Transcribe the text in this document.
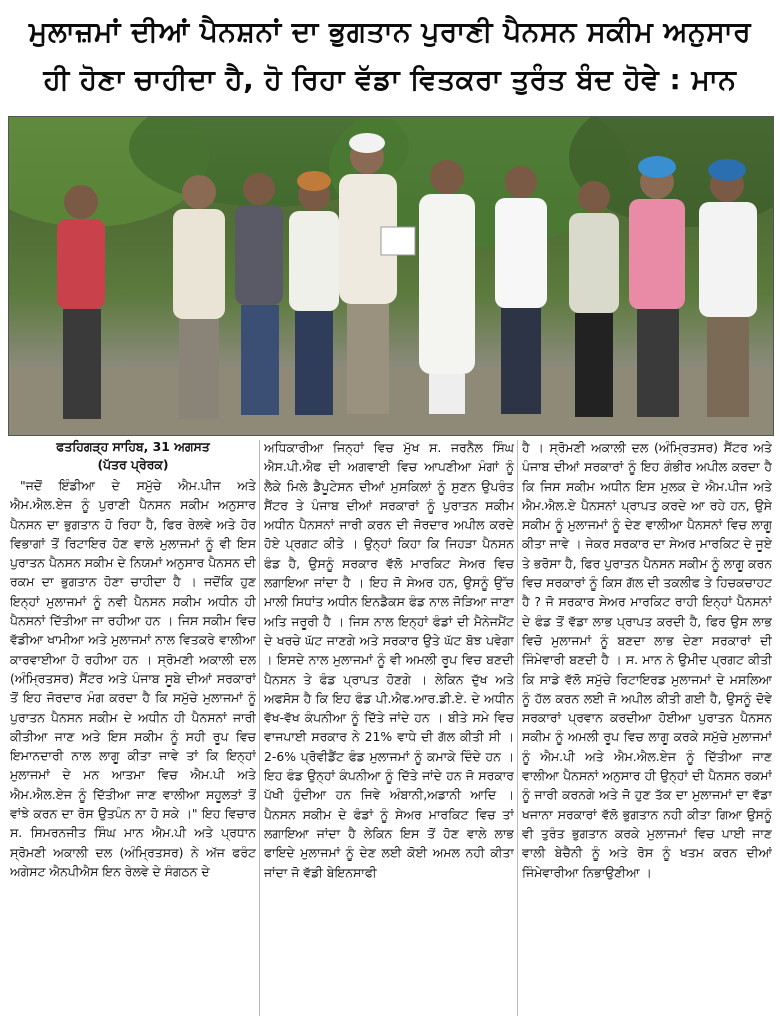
ਮੁਲਾਜ਼ਮਾਂ ਦੀਆਂ ਪੈਨਸ਼ਨਾਂ ਦਾ ਭੁਗਤਾਨ ਪੁਰਾਣੀ ਪੈਨਸਨ ਸਕੀਮ ਅਨੁਸਾਰ
ਹੀ ਹੋਣਾ ਚਾਹੀਦਾ ਹੈ, ਹੋ ਰਿਹਾ ਵੱਡਾ ਵਿਤਕਰਾ ਤੁਰੰਤ ਬੰਦ ਹੋਵੇ : ਮਾਨ
ਫਤਹਿਗੜ੍ਹ ਸਾਹਿਬ, 31 ਅਗਸਤ
(ਪੱਤਰ ਪ੍ਰੇਰਕ)
"ਜਦੋਂ ਇੰਡੀਆ ਦੇ ਸਮੁੱਚੇ ਐਮ.ਪੀਜ ਅਤੇ ਐਮ.ਐਲ.ਏਜ ਨੂੰ ਪੁਰਾਣੀ ਪੈਨਸਨ ਸਕੀਮ ਅਨੁਸਾਰ ਪੈਨਸਨ ਦਾ ਭੁਗਤਾਨ ਹੋ ਰਿਹਾ ਹੈ, ਫਿਰ ਰੇਲਵੇ ਅਤੇ ਹੋਰ ਵਿਭਾਗਾਂ ਤੋਂ ਰਿਟਾਇਰ ਹੋਣ ਵਾਲੇ ਮੁਲਾਜਮਾਂ ਨੂੰ ਵੀ ਇਸ ਪੁਰਾਤਨ ਪੈਨਸਨ ਸਕੀਮ ਦੇ ਨਿਯਮਾਂ ਅਨੁਸਾਰ ਪੈਨਸਨ ਦੀ ਰਕਮ ਦਾ ਭੁਗਤਾਨ ਹੋਣਾ ਚਾਹੀਦਾ ਹੈ । ਜਦੋਂਕਿ ਹੁਣ ਇਨ੍ਹਾਂ ਮੁਲਾਜਮਾਂ ਨੂੰ ਨਵੀ ਪੈਨਸਨ ਸਕੀਮ ਅਧੀਨ ਹੀ ਪੈਨਸਨਾਂ ਦਿੱਤੀਆ ਜਾ ਰਹੀਆ ਹਨ । ਜਿਸ ਸਕੀਮ ਵਿਚ ਵੱਡੀਆ ਖਾਮੀਆ ਅਤੇ ਮੁਲਾਜਮਾਂ ਨਾਲ ਵਿਤਕਰੇ ਵਾਲੀਆ ਕਾਰਵਾਈਆ ਹੋ ਰਹੀਆ ਹਨ । ਸ੍ਰੋਮਣੀ ਅਕਾਲੀ ਦਲ (ਅੰਮ੍ਰਿਤਸਰ) ਸੈਂਟਰ ਅਤੇ ਪੰਜਾਬ ਸੂਬੇ ਦੀਆਂ ਸਰਕਾਰਾਂ ਤੋਂ ਇਹ ਜੋਰਦਾਰ ਮੰਗ ਕਰਦਾ ਹੈ ਕਿ ਸਮੁੱਚੇ ਮੁਲਾਜਮਾਂ ਨੂੰ ਪੁਰਾਤਨ ਪੈਨਸਨ ਸਕੀਮ ਦੇ ਅਧੀਨ ਹੀ ਪੈਨਸਨਾਂ ਜਾਰੀ ਕੀਤੀਆ ਜਾਣ ਅਤੇ ਇਸ ਸਕੀਮ ਨੂੰ ਸਹੀ ਰੂਪ ਵਿਚ ਇਮਾਨਦਾਰੀ ਨਾਲ ਲਾਗੂ ਕੀਤਾ ਜਾਵੇ ਤਾਂ ਕਿ ਇਨ੍ਹਾਂ ਮੁਲਾਜਮਾਂ ਦੇ ਮਨ ਆਤਮਾ ਵਿਚ ਐਮ.ਪੀ ਅਤੇ ਐਮ.ਐਲ.ਏਜ ਨੂੰ ਦਿੱਤੀਆ ਜਾਣ ਵਾਲੀਆ ਸਹੂਲਤਾਂ ਤੋਂ ਵਾਂਝੇ ਕਰਨ ਦਾ ਰੋਸ ਉਤਪੰਨ ਨਾ ਹੋ ਸਕੇ ।" ਇਹ ਵਿਚਾਰ ਸ. ਸਿਮਰਨਜੀਤ ਸਿੰਘ ਮਾਨ ਐਮ.ਪੀ ਅਤੇ ਪ੍ਰਧਾਨ ਸ੍ਰੋਮਣੀ ਅਕਾਲੀ ਦਲ (ਅੰਮ੍ਰਿਤਸਰ) ਨੇ ਅੱਜ ਫਰੰਟ ਅਗੇਸਟ ਐਨਪੀਐਸ ਇਨ ਰੇਲਵੇ ਦੇ ਸੰਗਠਨ ਦੇ
ਅਧਿਕਾਰੀਆ ਜਿਨ੍ਹਾਂ ਵਿਚ ਮੁੱਖ ਸ. ਜਰਨੈਲ ਸਿੰਘ ਐਸ.ਪੀ.ਐਫ ਦੀ ਅਗਵਾਈ ਵਿਚ ਆਪਣੀਆ ਮੰਗਾਂ ਨੂੰ ਲੈਕੇ ਮਿਲੇ ਡੈਪੂਟੇਸਨ ਦੀਆਂ ਮੁਸਕਿਲਾਂ ਨੂੰ ਸੁਣਨ ਉਪਰੰਤ ਸੈਂਟਰ ਤੇ ਪੰਜਾਬ ਦੀਆਂ ਸਰਕਾਰਾਂ ਨੂੰ ਪੁਰਾਤਨ ਸਕੀਮ ਅਧੀਨ ਪੈਨਸਨਾਂ ਜਾਰੀ ਕਰਨ ਦੀ ਜੋਰਦਾਰ ਅਪੀਲ ਕਰਦੇ ਹੋਏ ਪ੍ਰਗਟ ਕੀਤੇ । ਉਨ੍ਹਾਂ ਕਿਹਾ ਕਿ ਜਿਹੜਾ ਪੈਨਸਨ ਫੰਡ ਹੈ, ਉਸਨੂੰ ਸਰਕਾਰ ਵੱਲੋ ਮਾਰਕਿਟ ਸੇਅਰ ਵਿਚ ਲਗਾਇਆ ਜਾਂਦਾ ਹੈ । ਇਹ ਜੋ ਸੇਅਰ ਹਨ, ਉਸਨੂੰ ਉੱਚ ਮਾਲੀ ਸਿਧਾਂਤ ਅਧੀਨ ਇਨਡੈਕਸ ਫੰਡ ਨਾਲ ਜੋੜਿਆ ਜਾਣਾ ਅਤਿ ਜਰੂਰੀ ਹੈ । ਜਿਸ ਨਾਲ ਇਨ੍ਹਾਂ ਫੰਡਾਂ ਦੀ ਮੈਨੇਜਮੈਂਟ ਦੇ ਖਰਚੇ ਘੱਟ ਜਾਣਗੇ ਅਤੇ ਸਰਕਾਰ ਉਤੇ ਘੱਟ ਬੋਝ ਪਵੇਗਾ । ਇਸਦੇ ਨਾਲ ਮੁਲਾਜਮਾਂ ਨੂੰ ਵੀ ਅਮਲੀ ਰੂਪ ਵਿਚ ਬਣਦੀ ਪੈਨਸਨ ਤੇ ਫੰਡ ਪ੍ਰਾਪਤ ਹੋਣਗੇ । ਲੇਕਿਨ ਦੁੱਖ ਅਤੇ ਅਫਸੋਸ ਹੈ ਕਿ ਇਹ ਫੰਡ ਪੀ.ਐਫ.ਆਰ.ਡੀ.ਏ. ਦੇ ਅਧੀਨ ਵੱਖ-ਵੱਖ ਕੰਪਨੀਆ ਨੂੰ ਦਿੱਤੇ ਜਾਂਦੇ ਹਨ । ਬੀਤੇ ਸਮੇ ਵਿਚ ਵਾਜਪਾਈ ਸਰਕਾਰ ਨੇ 21% ਵਾਧੇ ਦੀ ਗੱਲ ਕੀਤੀ ਸੀ । 2-6% ਪ੍ਰੋਵੀਡੈਂਟ ਫੰਡ ਮੁਲਾਜਮਾਂ ਨੂੰ ਕਮਾਕੇ ਦਿੰਦੇ ਹਨ । ਇਹ ਫੰਡ ਉਨ੍ਹਾਂ ਕੰਪਨੀਆ ਨੂੰ ਦਿੱਤੇ ਜਾਂਦੇ ਹਨ ਜੋ ਸਰਕਾਰ ਪੱਖੀ ਹੁੰਦੀਆ ਹਨ ਜਿਵੇ ਅੰਬਾਨੀ,ਅਡਾਨੀ ਆਦਿ । ਪੈਨਸਨ ਸਕੀਮ ਦੇ ਫੰਡਾਂ ਨੂੰ ਸੇਅਰ ਮਾਰਕਿਟ ਵਿਚ ਤਾਂ ਲਗਾਇਆ ਜਾਂਦਾ ਹੈ ਲੇਕਿਨ ਇਸ ਤੋਂ ਹੋਣ ਵਾਲੇ ਲਾਭ ਫਾਇਦੇ ਮੁਲਾਜਮਾਂ ਨੂੰ ਦੇਣ ਲਈ ਕੋਈ ਅਮਲ ਨਹੀ ਕੀਤਾ ਜਾਂਦਾ ਜੋ ਵੱਡੀ ਬੇਇਨਸਾਫੀ
ਹੈ । ਸ੍ਰੋਮਣੀ ਅਕਾਲੀ ਦਲ (ਅੰਮ੍ਰਿਤਸਰ) ਸੈਂਟਰ ਅਤੇ ਪੰਜਾਬ ਦੀਆਂ ਸਰਕਾਰਾਂ ਨੂੰ ਇਹ ਗੰਭੀਰ ਅਪੀਲ ਕਰਦਾ ਹੈ ਕਿ ਜਿਸ ਸਕੀਮ ਅਧੀਨ ਇਸ ਮੁਲਕ ਦੇ ਐਮ.ਪੀਜ ਅਤੇ ਐਮ.ਐਲ.ਏ ਪੈਨਸਨਾਂ ਪ੍ਰਾਪਤ ਕਰਦੇ ਆ ਰਹੇ ਹਨ, ਉਸੇ ਸਕੀਮ ਨੂੰ ਮੁਲਾਜਮਾਂ ਨੂੰ ਦੇਣ ਵਾਲੀਆ ਪੈਨਸਨਾਂ ਵਿਚ ਲਾਗੂ ਕੀਤਾ ਜਾਵੇ । ਜੇਕਰ ਸਰਕਾਰ ਦਾ ਸੇਅਰ ਮਾਰਕਿਟ ਦੇ ਜੂਏ ਤੇ ਭਰੋਸਾ ਹੈ, ਫਿਰ ਪੁਰਾਤਨ ਪੈਨਸਨ ਸਕੀਮ ਨੂੰ ਲਾਗੂ ਕਰਨ ਵਿਚ ਸਰਕਾਰਾਂ ਨੂੰ ਕਿਸ ਗੱਲ ਦੀ ਤਕਲੀਫ ਤੇ ਹਿਚਕਚਾਹਟ ਹੈ ? ਜੋ ਸਰਕਾਰ ਸੇਅਰ ਮਾਰਕਿਟ ਰਾਹੀ ਇਨ੍ਹਾਂ ਪੈਨਸਨਾਂ ਦੇ ਫੰਡ ਤੋਂ ਵੱਡਾ ਲਾਭ ਪ੍ਰਾਪਤ ਕਰਦੀ ਹੈ, ਫਿਰ ਉਸ ਲਾਭ ਵਿਚੋ ਮੁਲਾਜਮਾਂ ਨੂੰ ਬਣਦਾ ਲਾਭ ਦੇਣਾ ਸਰਕਾਰਾਂ ਦੀ ਜਿੰਮੇਵਾਰੀ ਬਣਦੀ ਹੈ । ਸ. ਮਾਨ ਨੇ ਉਮੀਦ ਪ੍ਰਗਟ ਕੀਤੀ ਕਿ ਸਾਡੇ ਵੱਲੋ ਸਮੁੱਚੇ ਰਿਟਾਇਰਡ ਮੁਲਾਜਮਾਂ ਦੇ ਮਸਲਿਆ ਨੂੰ ਹੱਲ ਕਰਨ ਲਈ ਜੋ ਅਪੀਲ ਕੀਤੀ ਗਈ ਹੈ, ਉਸਨੂੰ ਦੋਵੇ ਸਰਕਾਰਾਂ ਪ੍ਰਵਾਨ ਕਰਦੀਆ ਹੋਈਆ ਪੁਰਾਤਨ ਪੈਨਸਨ ਸਕੀਮ ਨੂੰ ਅਮਲੀ ਰੂਪ ਵਿਚ ਲਾਗੂ ਕਰਕੇ ਸਮੁੱਚੇ ਮੁਲਾਜਮਾਂ ਨੂੰ ਐਮ.ਪੀ ਅਤੇ ਐਮ.ਐਲ.ਏਜ ਨੂੰ ਦਿੱਤੀਆ ਜਾਣ ਵਾਲੀਆ ਪੈਨਸਨਾਂ ਅਨੁਸਾਰ ਹੀ ਉਨ੍ਹਾਂ ਦੀ ਪੈਨਸਨ ਰਕਮਾਂ ਨੂੰ ਜਾਰੀ ਕਰਨਗੇ ਅਤੇ ਜੋ ਹੁਣ ਤੱਕ ਦਾ ਮੁਲਾਜਮਾਂ ਦਾ ਵੱਡਾ ਖਜਾਨਾ ਸਰਕਾਰਾਂ ਵੱਲੋ ਭੁਗਤਾਨ ਨਹੀ ਕੀਤਾ ਗਿਆ ਉਸਨੂੰ ਵੀ ਤੁਰੰਤ ਭੁਗਤਾਨ ਕਰਕੇ ਮੁਲਾਜਮਾਂ ਵਿਚ ਪਾਈ ਜਾਣ ਵਾਲੀ ਬੇਚੈਨੀ ਨੂੰ ਅਤੇ ਰੋਸ ਨੂੰ ਖਤਮ ਕਰਨ ਦੀਆਂ ਜਿੰਮੇਵਾਰੀਆ ਨਿਭਾਉਣੀਆ ।
